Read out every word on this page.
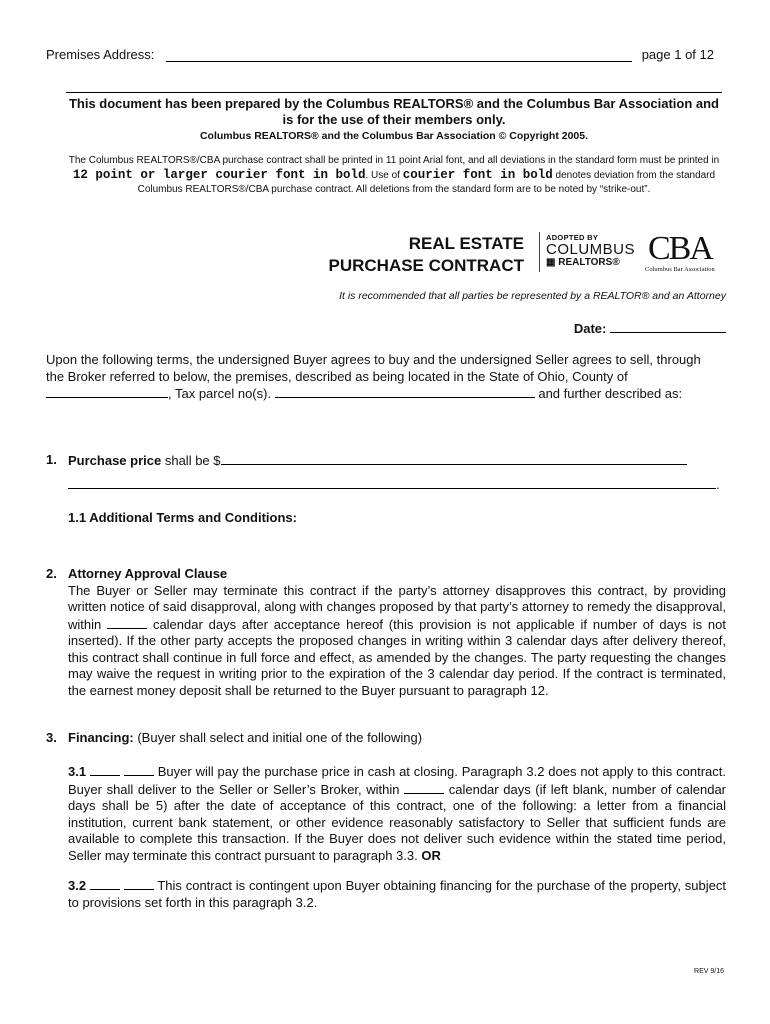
Premises Address:	page 1 of 12
This document has been prepared by the Columbus REALTORS® and the Columbus Bar Association and is for the use of their members only.
Columbus REALTORS® and the Columbus Bar Association © Copyright 2005.
The Columbus REALTORS®/CBA purchase contract shall be printed in 11 point Arial font, and all deviations in the standard form must be printed in 12 point or larger courier font in bold. Use of courier font in bold denotes deviation from the standard Columbus REALTORS®/CBA purchase contract. All deletions from the standard form are to be noted by “strike-out”.
REAL ESTATE
PURCHASE CONTRACT
ADOPTED BY
COLUMBUS
▦ REALTORS® CBA
Columbus Bar Association
It is recommended that all parties be represented by a REALTOR® and an Attorney
Date:
Upon the following terms, the undersigned Buyer agrees to buy and the undersigned Seller agrees to sell, through the Broker referred to below, the premises, described as being located in the State of Ohio, County of
, Tax parcel no(s).	and further described as:
1. Purchase price shall be $
.
1.1 Additional Terms and Conditions:
2. Attorney Approval Clause
The Buyer or Seller may terminate this contract if the party’s attorney disapproves this contract, by providing written notice of said disapproval, along with changes proposed by that party’s attorney to remedy the disapproval, within	calendar days after acceptance hereof (this provision is not applicable if number of days is not inserted). If the other party accepts the proposed changes in writing within 3 calendar days after delivery thereof, this contract shall continue in full force and effect, as amended by the changes. The party requesting the changes may waive the request in writing prior to the expiration of the 3 calendar day period. If the contract is terminated, the earnest money deposit shall be returned to the Buyer pursuant to paragraph 12.
3. Financing: (Buyer shall select and initial one of the following)
3.1	Buyer will pay the purchase price in cash at closing. Paragraph 3.2 does not apply to this contract. Buyer shall deliver to the Seller or Seller’s Broker, within	calendar days (if left blank, number of calendar days shall be 5) after the date of acceptance of this contract, one of the following: a letter from a financial institution, current bank statement, or other evidence reasonably satisfactory to Seller that sufficient funds are available to complete this transaction. If the Buyer does not deliver such evidence within the stated time period, Seller may terminate this contract pursuant to paragraph 3.3. OR
3.2	This contract is contingent upon Buyer obtaining financing for the purchase of the property, subject to provisions set forth in this paragraph 3.2.
REV 9/16
